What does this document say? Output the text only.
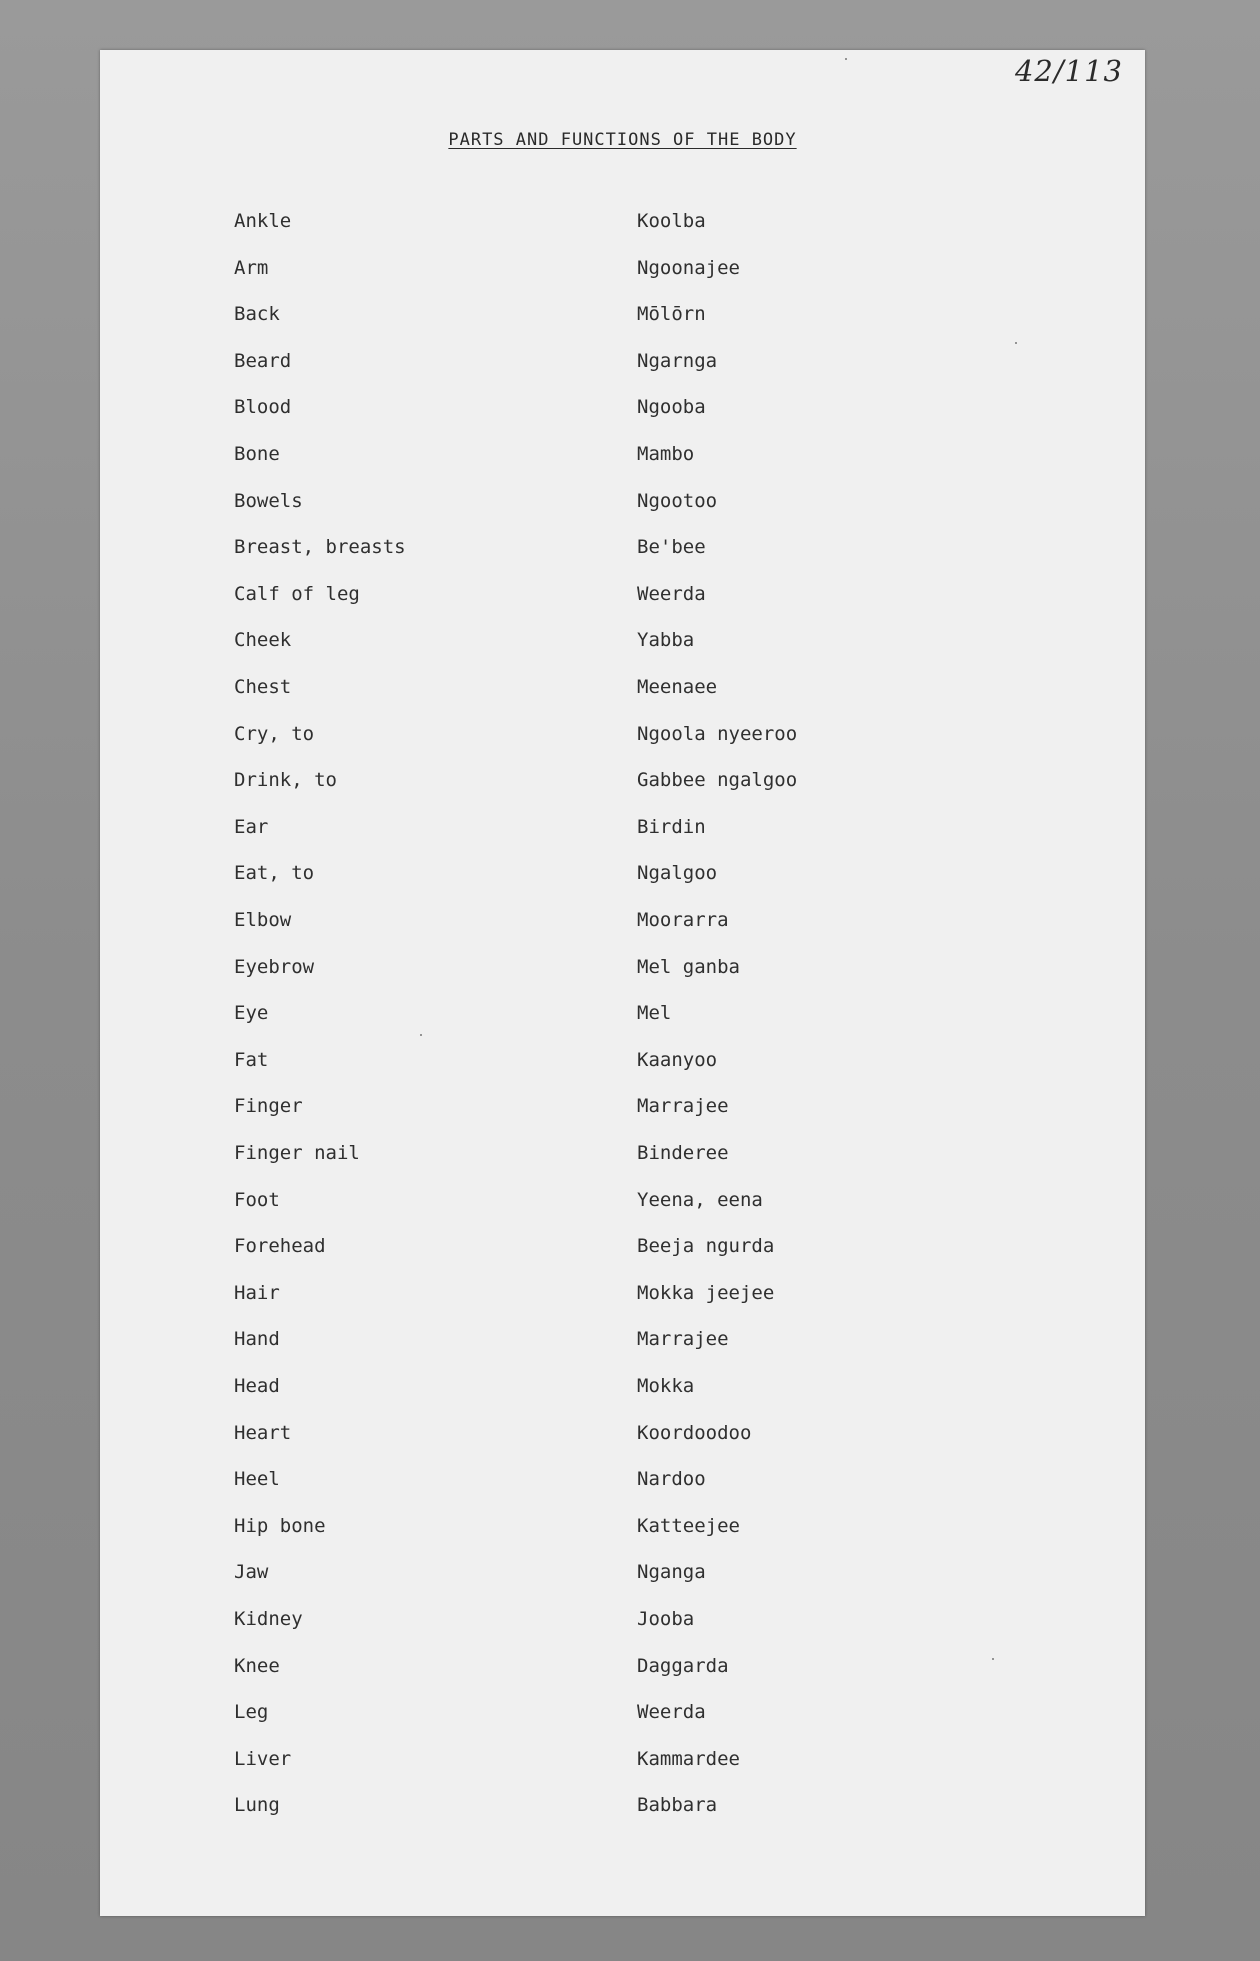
42/113
PARTS AND FUNCTIONS OF THE BODY
Ankle	Koolba
Arm	Ngoonajee
Back	Mōlōrn
Beard	Ngarnga
Blood	Ngooba
Bone	Mambo
Bowels	Ngootoo
Breast, breasts	Be'bee
Calf of leg	Weerda
Cheek	Yabba
Chest	Meenaee
Cry, to	Ngoola nyeeroo
Drink, to	Gabbee ngalgoo
Ear	Birdin
Eat, to	Ngalgoo
Elbow	Moorarra
Eyebrow	Mel ganba
Eye	Mel
Fat	Kaanyoo
Finger	Marrajee
Finger nail	Binderee
Foot	Yeena, eena
Forehead	Beeja ngurda
Hair	Mokka jeejee
Hand	Marrajee
Head	Mokka
Heart	Koordoodoo
Heel	Nardoo
Hip bone	Katteejee
Jaw	Nganga
Kidney	Jooba
Knee	Daggarda
Leg	Weerda
Liver	Kammardee
Lung	Babbara
